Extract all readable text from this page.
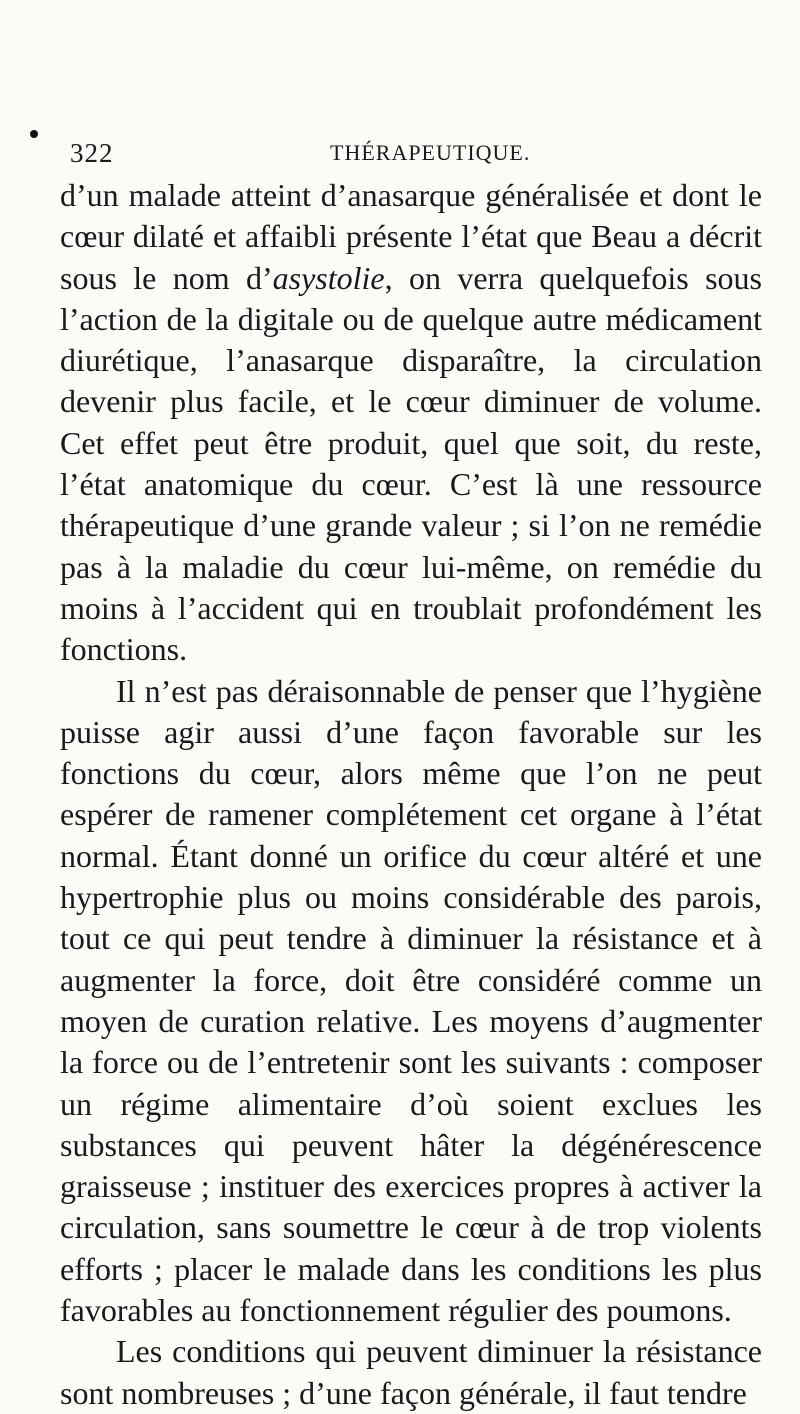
322	THÉRAPEUTIQUE.

d’un malade atteint d’anasarque généralisée et dont le cœur dilaté et affaibli présente l’état que Beau a décrit sous le nom d’asystolie, on verra quelquefois sous l’action de la digitale ou de quelque autre médicament diurétique, l’anasarque disparaître, la circulation devenir plus facile, et le cœur diminuer de volume. Cet effet peut être produit, quel que soit, du reste, l’état anatomique du cœur. C’est là une ressource thérapeutique d’une grande valeur ; si l’on ne remédie pas à la maladie du cœur lui-même, on remédie du moins à l’accident qui en troublait profondément les fonctions.

Il n’est pas déraisonnable de penser que l’hygiène puisse agir aussi d’une façon favorable sur les fonctions du cœur, alors même que l’on ne peut espérer de ramener complétement cet organe à l’état normal. Étant donné un orifice du cœur altéré et une hypertrophie plus ou moins considérable des parois, tout ce qui peut tendre à diminuer la résistance et à augmenter la force, doit être considéré comme un moyen de curation relative. Les moyens d’augmenter la force ou de l’entretenir sont les suivants : composer un régime alimentaire d’où soient exclues les substances qui peuvent hâter la dégénérescence graisseuse ; instituer des exercices propres à activer la circulation, sans soumettre le cœur à de trop violents efforts ; placer le malade dans les conditions les plus favorables au fonctionnement régulier des poumons.

Les conditions qui peuvent diminuer la résistance sont nombreuses ; d’une façon générale, il faut tendre
